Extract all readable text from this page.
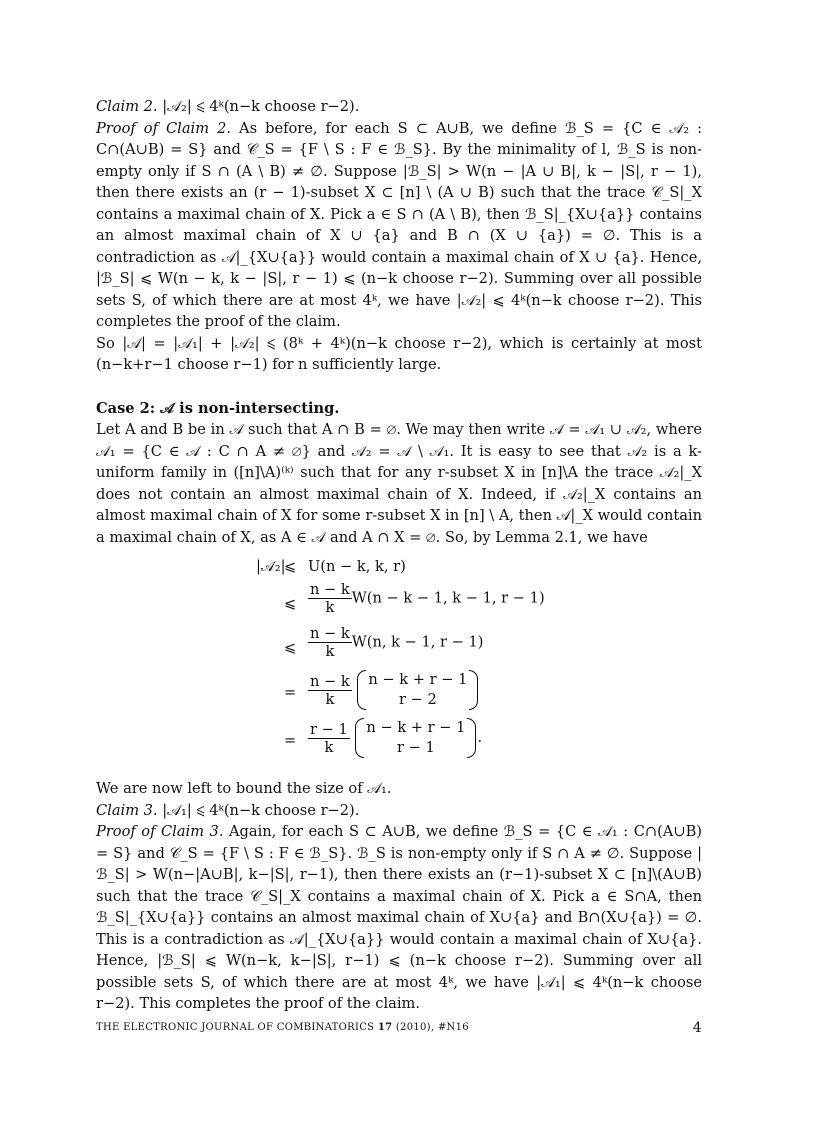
Claim 2. |𝒜₂| ⩽ 4ᵏ(n−k choose r−2).

Proof of Claim 2. As before, for each S ⊂ A∪B, we define ℬ_S = {C ∈ 𝒜₂ : C∩(A∪B) = S} and 𝒞_S = {F \ S : F ∈ ℬ_S}. By the minimality of l, ℬ_S is non-empty only if S ∩ (A \ B) ≠ ∅. Suppose |ℬ_S| > W(n − |A ∪ B|, k − |S|, r − 1), then there exists an (r − 1)-subset X ⊂ [n] \ (A ∪ B) such that the trace 𝒞_S|_X contains a maximal chain of X. Pick a ∈ S ∩ (A \ B), then ℬ_S|_{X∪{a}} contains an almost maximal chain of X ∪ {a} and B ∩ (X ∪ {a}) = ∅. This is a contradiction as 𝒜|_{X∪{a}} would contain a maximal chain of X ∪ {a}. Hence, |ℬ_S| ⩽ W(n − k, k − |S|, r − 1) ⩽ (n−k choose r−2). Summing over all possible sets S, of which there are at most 4ᵏ, we have |𝒜₂| ⩽ 4ᵏ(n−k choose r−2). This completes the proof of the claim.

So |𝒜| = |𝒜₁| + |𝒜₂| ⩽ (8ᵏ + 4ᵏ)(n−k choose r−2), which is certainly at most (n−k+r−1 choose r−1) for n sufficiently large.

Case 2: 𝒜 is non-intersecting.

Let A and B be in 𝒜 such that A ∩ B = ∅. We may then write 𝒜 = 𝒜₁ ∪ 𝒜₂, where 𝒜₁ = {C ∈ 𝒜 : C ∩ A ≠ ∅} and 𝒜₂ = 𝒜 \ 𝒜₁. It is easy to see that 𝒜₂ is a k-uniform family in ([n]\A)⁽ᵏ⁾ such that for any r-subset X in [n]\A the trace 𝒜₂|_X does not contain an almost maximal chain of X. Indeed, if 𝒜₂|_X contains an almost maximal chain of X for some r-subset X in [n] \ A, then 𝒜|_X would contain a maximal chain of X, as A ∈ 𝒜 and A ∩ X = ∅. So, by Lemma 2.1, we have

|𝒜₂|
⩽ U(n − k, k, r)
⩽ $\frac{n - k}{k} W(n - k - 1$, k − 1, r − 1)
⩽ $\frac{n - k}{k} W(n$, k − 1, r − 1)
= $\frac{n - k}{k}$
n − k + r − 1
r − 2
= $\frac{r - 1}{k}$
n − k + r − 1
r − 1
.

We are now left to bound the size of 𝒜₁.

Claim 3. |𝒜₁| ⩽ 4ᵏ(n−k choose r−2).

Proof of Claim 3. Again, for each S ⊂ A∪B, we define ℬ_S = {C ∈ 𝒜₁ : C∩(A∪B) = S} and 𝒞_S = {F \ S : F ∈ ℬ_S}. ℬ_S is non-empty only if S ∩ A ≠ ∅. Suppose |ℬ_S| > W(n−|A∪B|, k−|S|, r−1), then there exists an (r−1)-subset X ⊂ [n]\(A∪B) such that the trace 𝒞_S|_X contains a maximal chain of X. Pick a ∈ S∩A, then ℬ_S|_{X∪{a}} contains an almost maximal chain of X∪{a} and B∩(X∪{a}) = ∅. This is a contradiction as 𝒜|_{X∪{a}} would contain a maximal chain of X∪{a}. Hence, |ℬ_S| ⩽ W(n−k, k−|S|, r−1) ⩽ (n−k choose r−2). Summing over all possible sets S, of which there are at most 4ᵏ, we have |𝒜₁| ⩽ 4ᵏ(n−k choose r−2). This completes the proof of the claim.

THE ELECTRONIC JOURNAL OF COMBINATORICS 17 (2010), #N16	4
